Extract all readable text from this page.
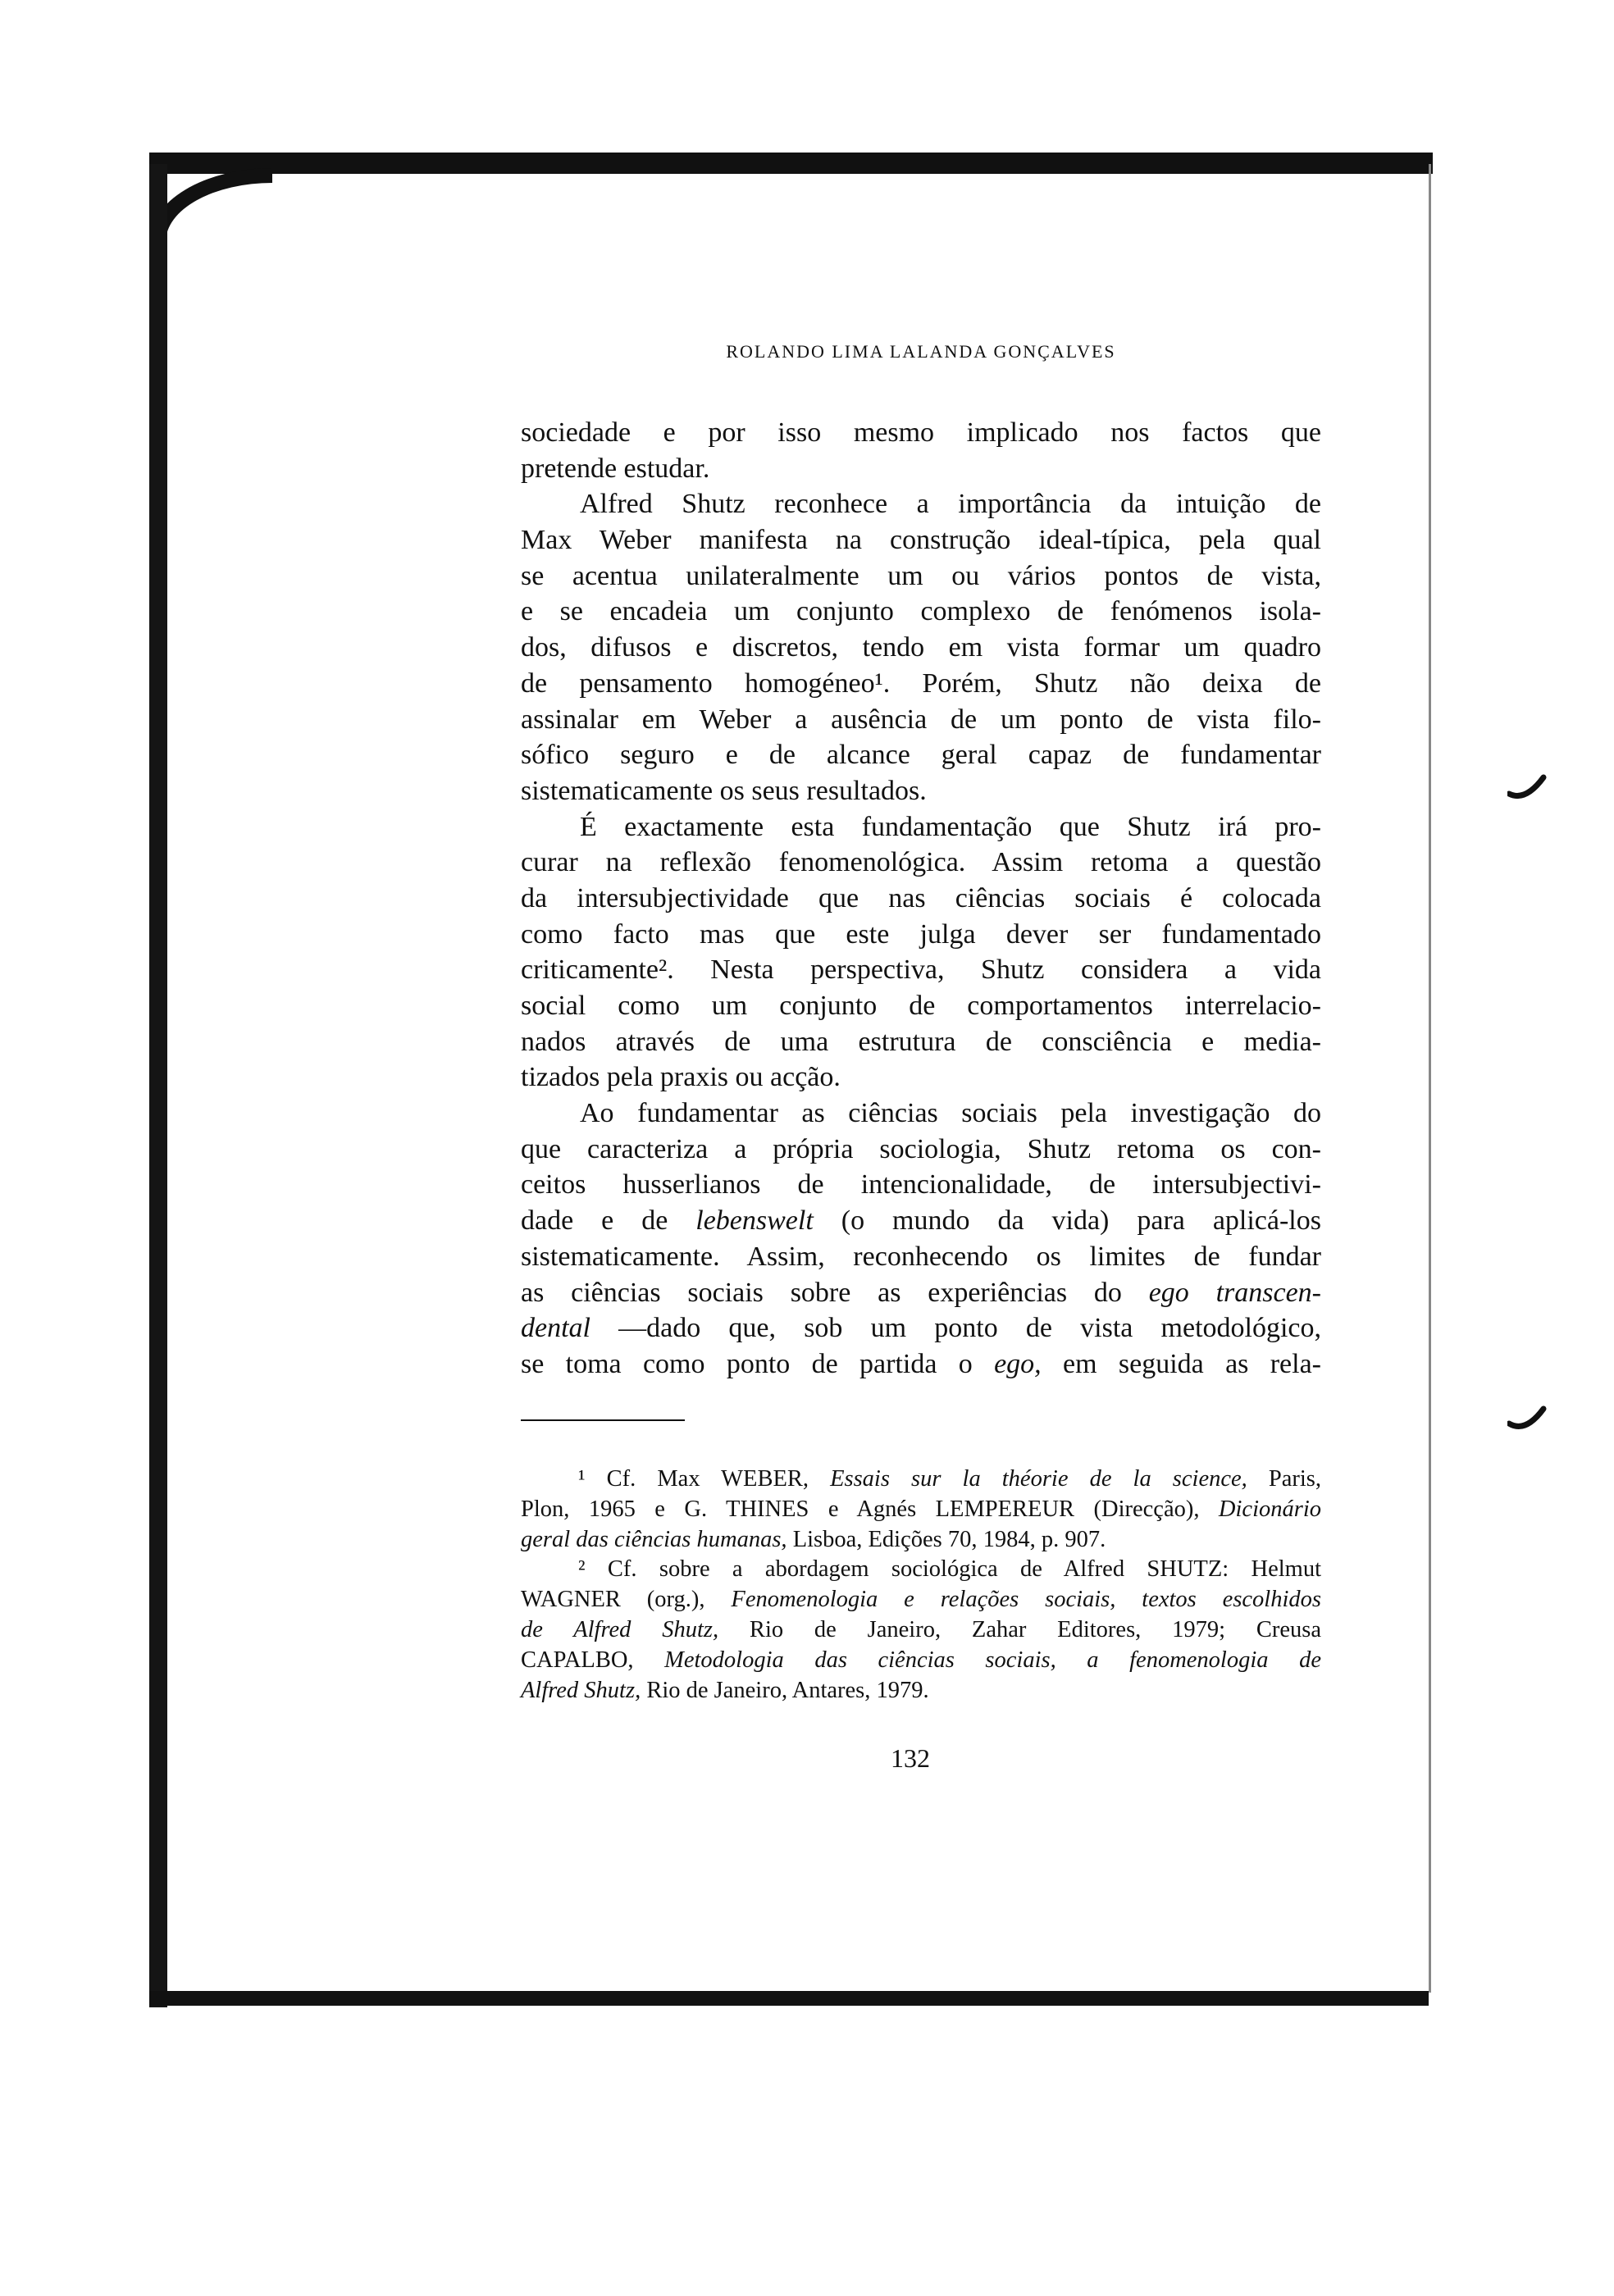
ROLANDO LIMA LALANDA GONÇALVES
sociedade e por isso mesmo implicado nos factos que
pretende estudar.
Alfred Shutz reconhece a importância da intuição de
Max Weber manifesta na construção ideal-típica, pela qual
se acentua unilateralmente um ou vários pontos de vista,
e se encadeia um conjunto complexo de fenómenos isola-
dos, difusos e discretos, tendo em vista formar um quadro
de pensamento homogéneo¹. Porém, Shutz não deixa de
assinalar em Weber a ausência de um ponto de vista filo-
sófico seguro e de alcance geral capaz de fundamentar
sistematicamente os seus resultados.
É exactamente esta fundamentação que Shutz irá pro-
curar na reflexão fenomenológica. Assim retoma a questão
da intersubjectividade que nas ciências sociais é colocada
como facto mas que este julga dever ser fundamentado
criticamente². Nesta perspectiva, Shutz considera a vida
social como um conjunto de comportamentos interrelacio-
nados através de uma estrutura de consciência e media-
tizados pela praxis ou acção.
Ao fundamentar as ciências sociais pela investigação do
que caracteriza a própria sociologia, Shutz retoma os con-
ceitos husserlianos de intencionalidade, de intersubjectivi-
dade e de lebenswelt (o mundo da vida) para aplicá-los
sistematicamente. Assim, reconhecendo os limites de fundar
as ciências sociais sobre as experiências do ego transcen-
dental —dado que, sob um ponto de vista metodológico,
se toma como ponto de partida o ego, em seguida as rela-
¹ Cf. Max WEBER, Essais sur la théorie de la science, Paris,
Plon, 1965 e G. THINES e Agnés LEMPEREUR (Direcção), Dicionário
geral das ciências humanas, Lisboa, Edições 70, 1984, p. 907.
² Cf. sobre a abordagem sociológica de Alfred SHUTZ: Helmut
WAGNER (org.), Fenomenologia e relações sociais, textos escolhidos
de Alfred Shutz, Rio de Janeiro, Zahar Editores, 1979; Creusa
CAPALBO, Metodologia das ciências sociais, a fenomenologia de
Alfred Shutz, Rio de Janeiro, Antares, 1979.
132
